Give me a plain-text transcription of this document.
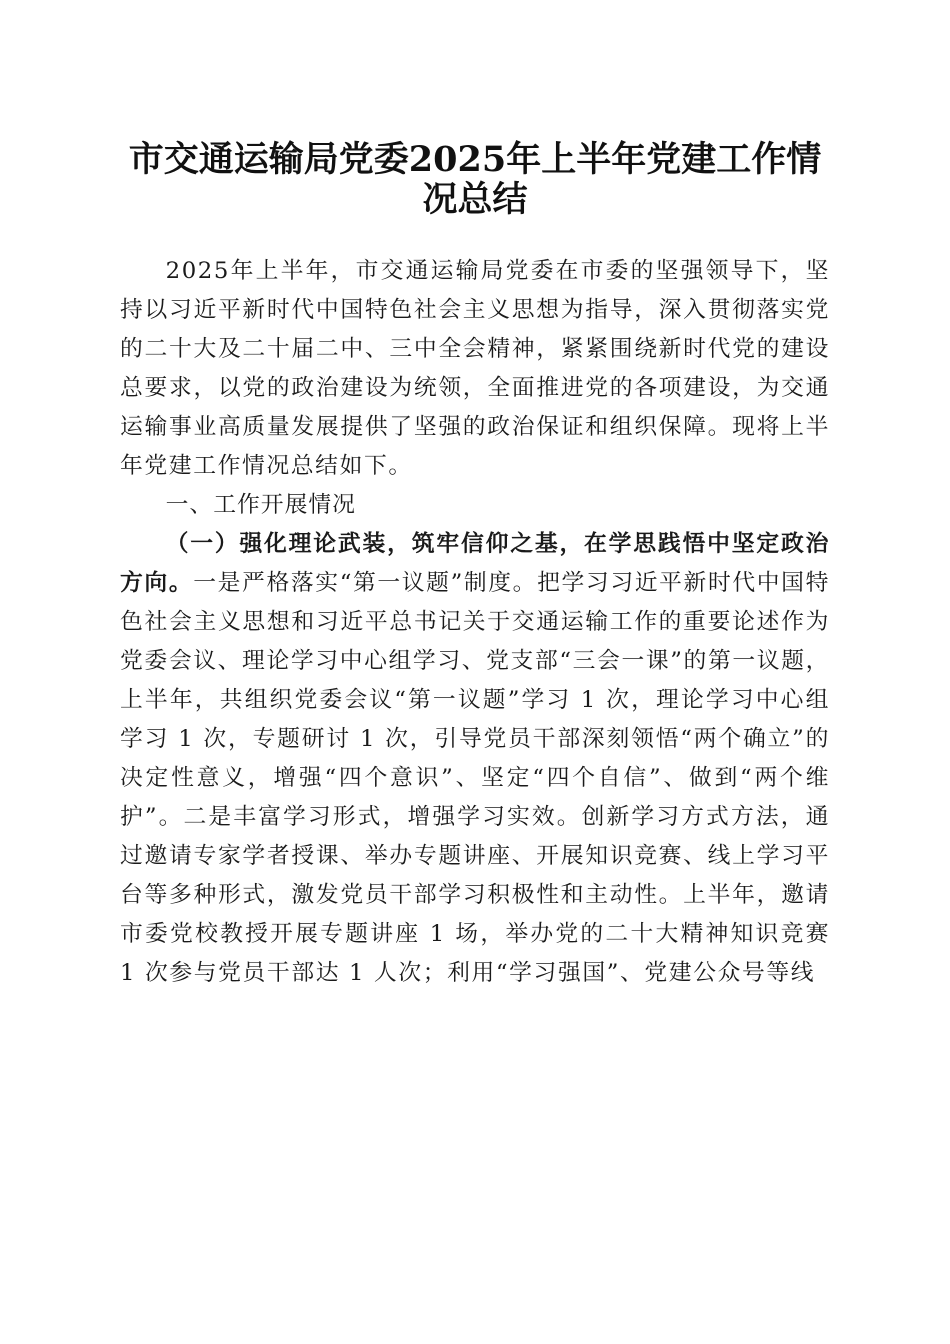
市交通运输局党委2025年上半年党建工作情况总结

2025年上半年，市交通运输局党委在市委的坚强领导下，坚持以习近平新时代中国特色社会主义思想为指导，深入贯彻落实党的二十大及二十届二中、三中全会精神，紧紧围绕新时代党的建设总要求，以党的政治建设为统领，全面推进党的各项建设，为交通运输事业高质量发展提供了坚强的政治保证和组织保障。现将上半年党建工作情况总结如下。

一、工作开展情况

（一）强化理论武装，筑牢信仰之基，在学思践悟中坚定政治方向。一是严格落实“第一议题”制度。把学习习近平新时代中国特色社会主义思想和习近平总书记关于交通运输工作的重要论述作为党委会议、理论学习中心组学习、党支部“三会一课”的第一议题，上半年，共组织党委会议“第一议题”学习 1 次，理论学习中心组学习 1 次，专题研讨 1 次，引导党员干部深刻领悟“两个确立”的决定性意义，增强“四个意识”、坚定“四个自信”、做到“两个维护”。二是丰富学习形式，增强学习实效。创新学习方式方法，通过邀请专家学者授课、举办专题讲座、开展知识竞赛、线上学习平台等多种形式，激发党员干部学习积极性和主动性。上半年，邀请市委党校教授开展专题讲座 1 场，举办党的二十大精神知识竞赛 1 次参与党员干部达 1 人次；利用“学习强国”、党建公众号等线
